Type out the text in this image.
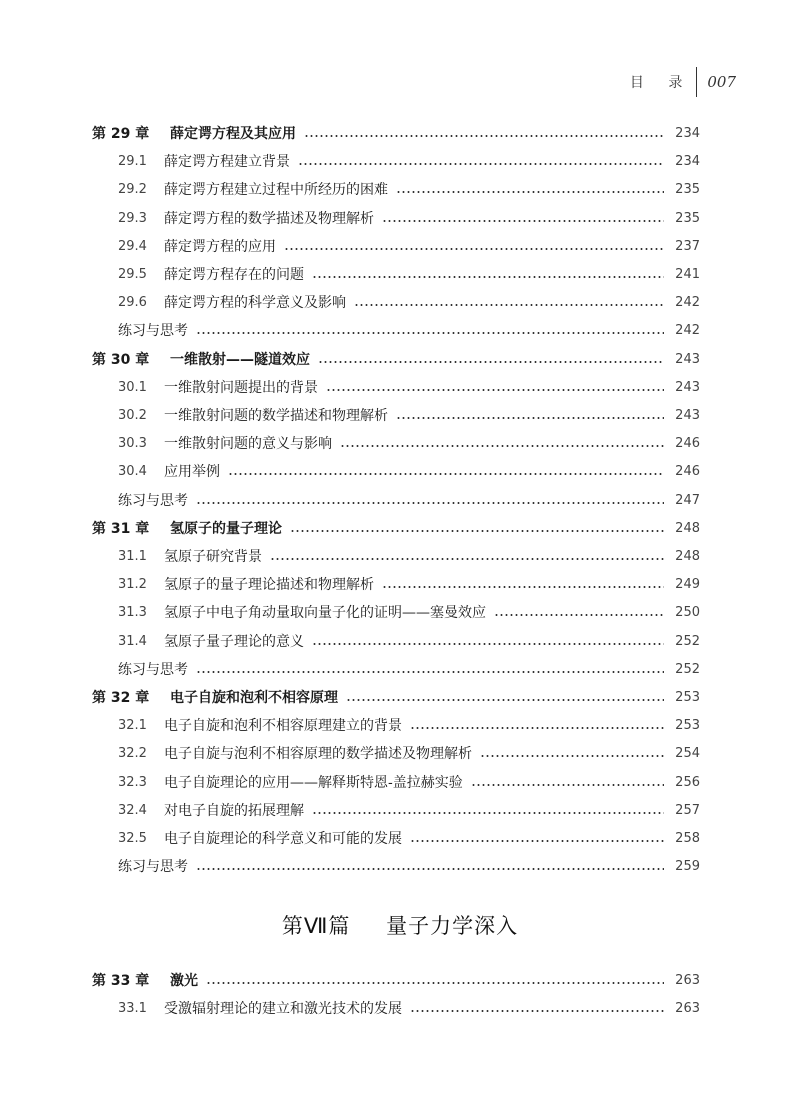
目 录 007
第 29 章	薛定谔方程及其应用	234
29.1	薛定谔方程建立背景	234
29.2	薛定谔方程建立过程中所经历的困难	235
29.3	薛定谔方程的数学描述及物理解析	235
29.4	薛定谔方程的应用	237
29.5	薛定谔方程存在的问题	241
29.6	薛定谔方程的科学意义及影响	242
练习与思考	242
第 30 章	一维散射——隧道效应	243
30.1	一维散射问题提出的背景	243
30.2	一维散射问题的数学描述和物理解析	243
30.3	一维散射问题的意义与影响	246
30.4	应用举例	246
练习与思考	247
第 31 章	氢原子的量子理论	248
31.1	氢原子研究背景	248
31.2	氢原子的量子理论描述和物理解析	249
31.3	氢原子中电子角动量取向量子化的证明——塞曼效应	250
31.4	氢原子量子理论的意义	252
练习与思考	252
第 32 章	电子自旋和泡利不相容原理	253
32.1	电子自旋和泡利不相容原理建立的背景	253
32.2	电子自旋与泡利不相容原理的数学描述及物理解析	254
32.3	电子自旋理论的应用——解释斯特恩-盖拉赫实验	256
32.4	对电子自旋的拓展理解	257
32.5	电子自旋理论的科学意义和可能的发展	258
练习与思考	259
第 33 章	激光	263
33.1	受激辐射理论的建立和激光技术的发展	263
第Ⅶ篇 量子力学深入
